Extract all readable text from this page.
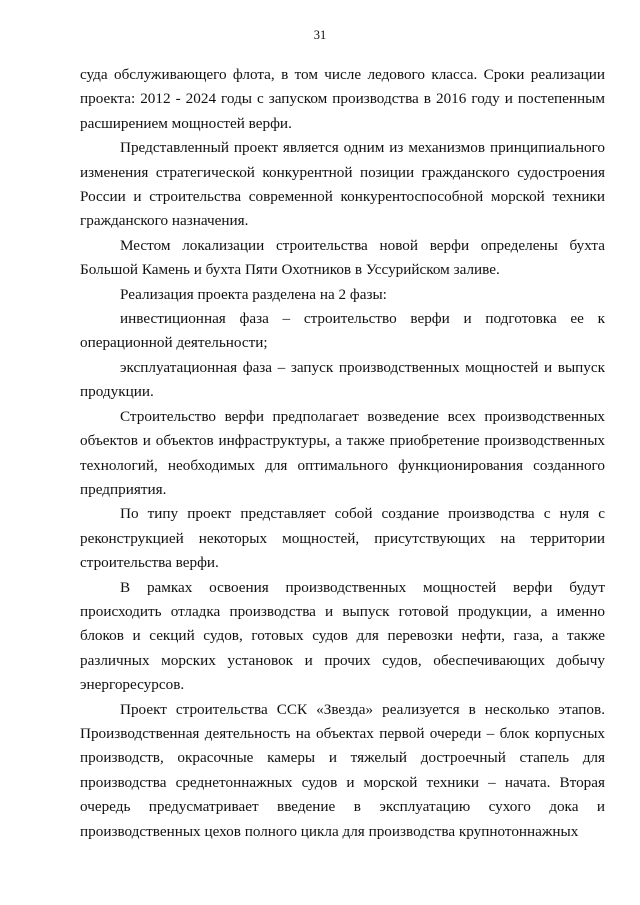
31

суда обслуживающего флота, в том числе ледового класса. Сроки реализации проекта: 2012 - 2024 годы с запуском производства в 2016 году и постепенным расширением мощностей верфи.

Представленный проект является одним из механизмов принципиального изменения стратегической конкурентной позиции гражданского судостроения России и строительства современной конкурентоспособной морской техники гражданского назначения.

Местом локализации строительства новой верфи определены бухта Большой Камень и бухта Пяти Охотников в Уссурийском заливе.

Реализация проекта разделена на 2 фазы:

инвестиционная фаза – строительство верфи и подготовка ее к операционной деятельности;

эксплуатационная фаза – запуск производственных мощностей и выпуск продукции.

Строительство верфи предполагает возведение всех производственных объектов и объектов инфраструктуры, а также приобретение производственных технологий, необходимых для оптимального функционирования созданного предприятия.

По типу проект представляет собой создание производства с нуля с реконструкцией некоторых мощностей, присутствующих на территории строительства верфи.

В рамках освоения производственных мощностей верфи будут происходить отладка производства и выпуск готовой продукции, а именно блоков и секций судов, готовых судов для перевозки нефти, газа, а также различных морских установок и прочих судов, обеспечивающих добычу энергоресурсов.

Проект строительства ССК «Звезда» реализуется в несколько этапов. Производственная деятельность на объектах первой очереди – блок корпусных производств, окрасочные камеры и тяжелый достроечный стапель для производства среднетоннажных судов и морской техники – начата. Вторая очередь предусматривает введение в эксплуатацию сухого дока и производственных цехов полного цикла для производства крупнотоннажных
